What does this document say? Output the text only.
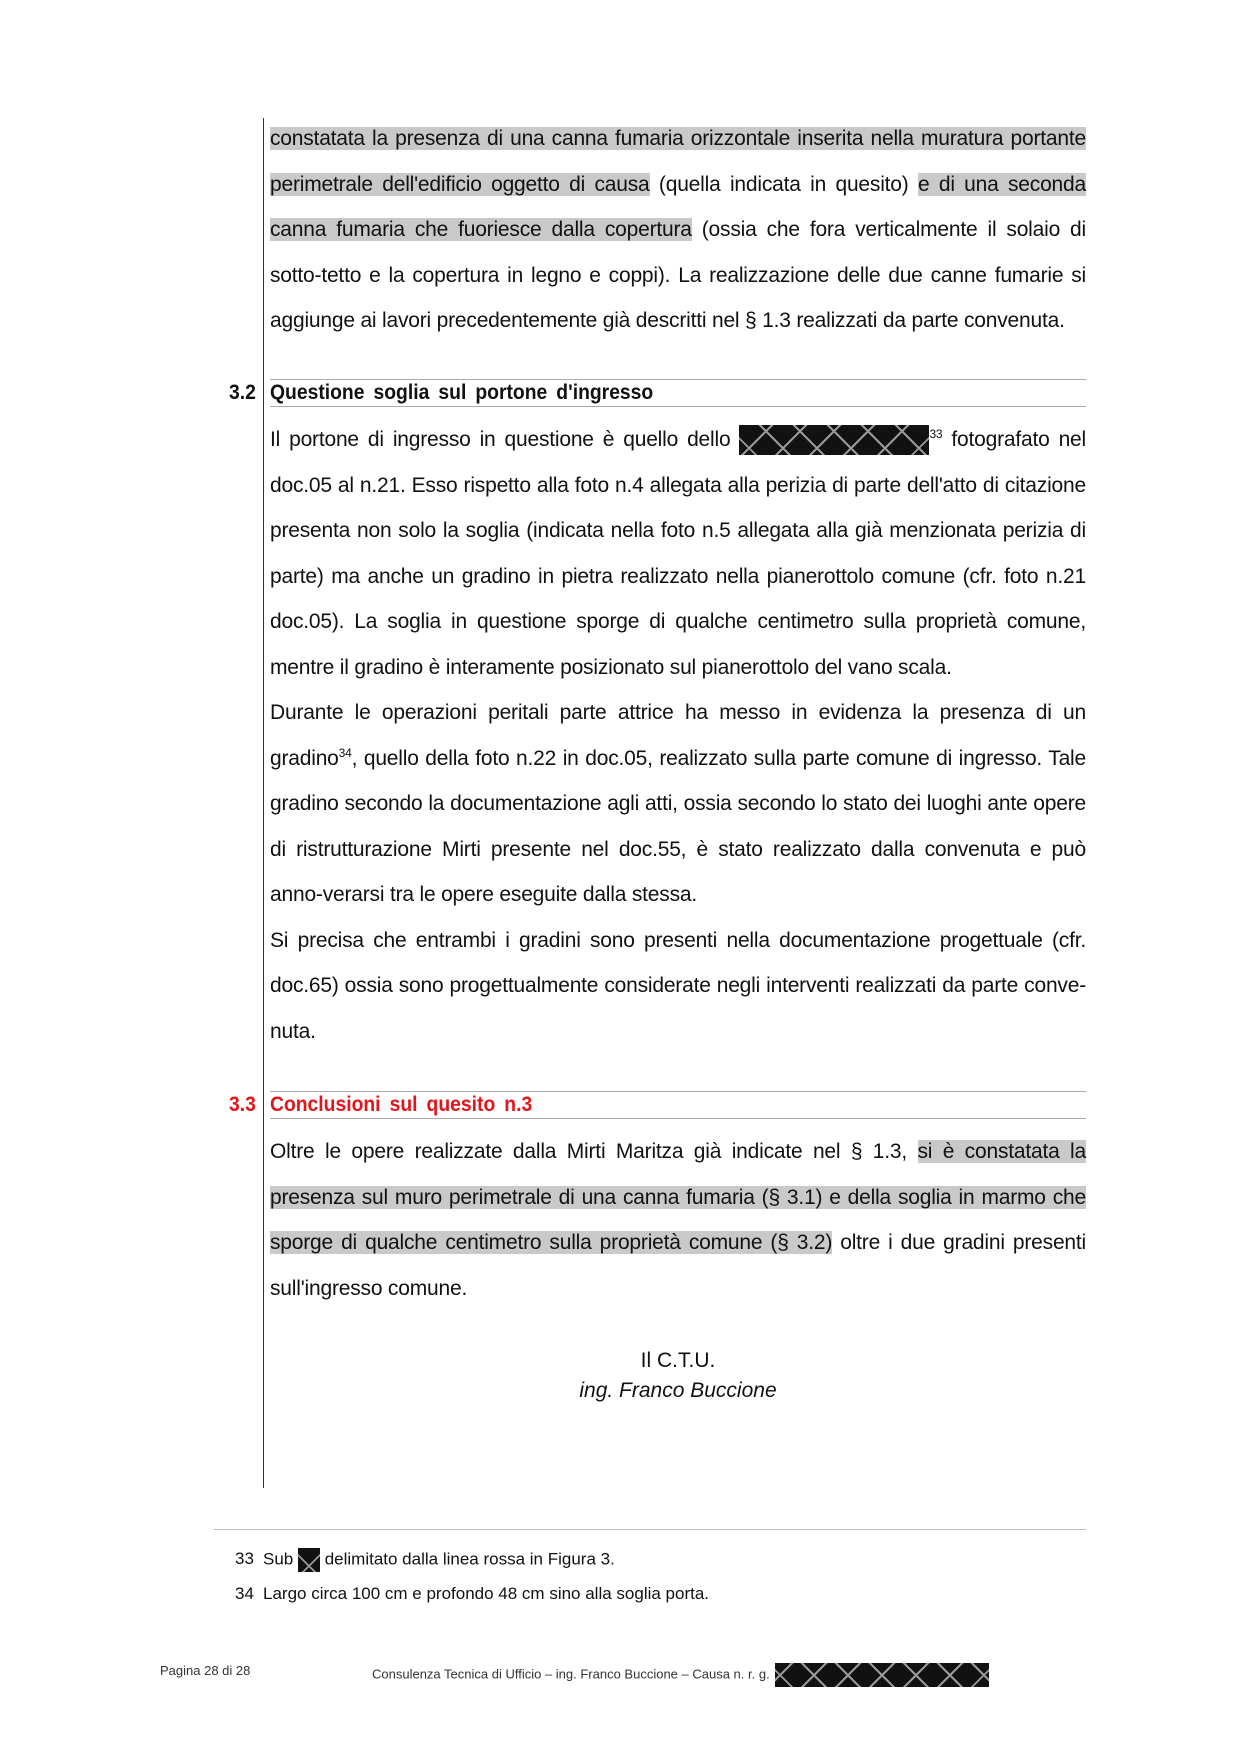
constatata la presenza di una canna fumaria orizzontale inserita nella muratura portante perimetrale dell'edificio oggetto di causa (quella indicata in quesito) e di una seconda canna fumaria che fuoriesce dalla copertura (ossia che fora verticalmente il solaio di sotto-tetto e la copertura in legno e coppi). La realizzazione delle due canne fumarie si aggiunge ai lavori precedentemente già descritti nel § 1.3 realizzati da parte convenuta.

3.2 Questione soglia sul portone d'ingresso

Il portone di ingresso in questione è quello dello	$^{33}$ fotografato nel doc.05 al n.21. Esso rispetto alla foto n.4 allegata alla perizia di parte dell'atto di citazione presenta non solo la soglia (indicata nella foto n.5 allegata alla già menzionata perizia di parte) ma anche un gradino in pietra realizzato nella pianerottolo comune (cfr. foto n.21 doc.05). La soglia in questione sporge di qualche centimetro sulla proprietà comune, mentre il gradino è interamente posizionato sul pianerottolo del vano scala.

Durante le operazioni peritali parte attrice ha messo in evidenza la presenza di un gradino$^{34}$, quello della foto n.22 in doc.05, realizzato sulla parte comune di ingresso. Tale gradino secondo la documentazione agli atti, ossia secondo lo stato dei luoghi ante opere di ristrutturazione Mirti presente nel doc.55, è stato realizzato dalla convenuta e può anno-verarsi tra le opere eseguite dalla stessa.

Si precisa che entrambi i gradini sono presenti nella documentazione progettuale (cfr. doc.65) ossia sono progettualmente considerate negli interventi realizzati da parte conve-nuta.

3.3 Conclusioni sul quesito n.3

Oltre le opere realizzate dalla Mirti Maritza già indicate nel § 1.3, si è constatata la presenza sul muro perimetrale di una canna fumaria (§ 3.1) e della soglia in marmo che sporge di qualche centimetro sulla proprietà comune (§ 3.2) oltre i due gradini presenti sull'ingresso comune.

Il C.T.U.
ing. Franco Buccione
33 Sub  delimitato dalla linea rossa in Figura 3.
34 Largo circa 100 cm e profondo 48 cm sino alla soglia porta.
Pagina 28 di 28	Consulenza Tecnica di Ufficio – ing. Franco Buccione – Causa n. r. g.
